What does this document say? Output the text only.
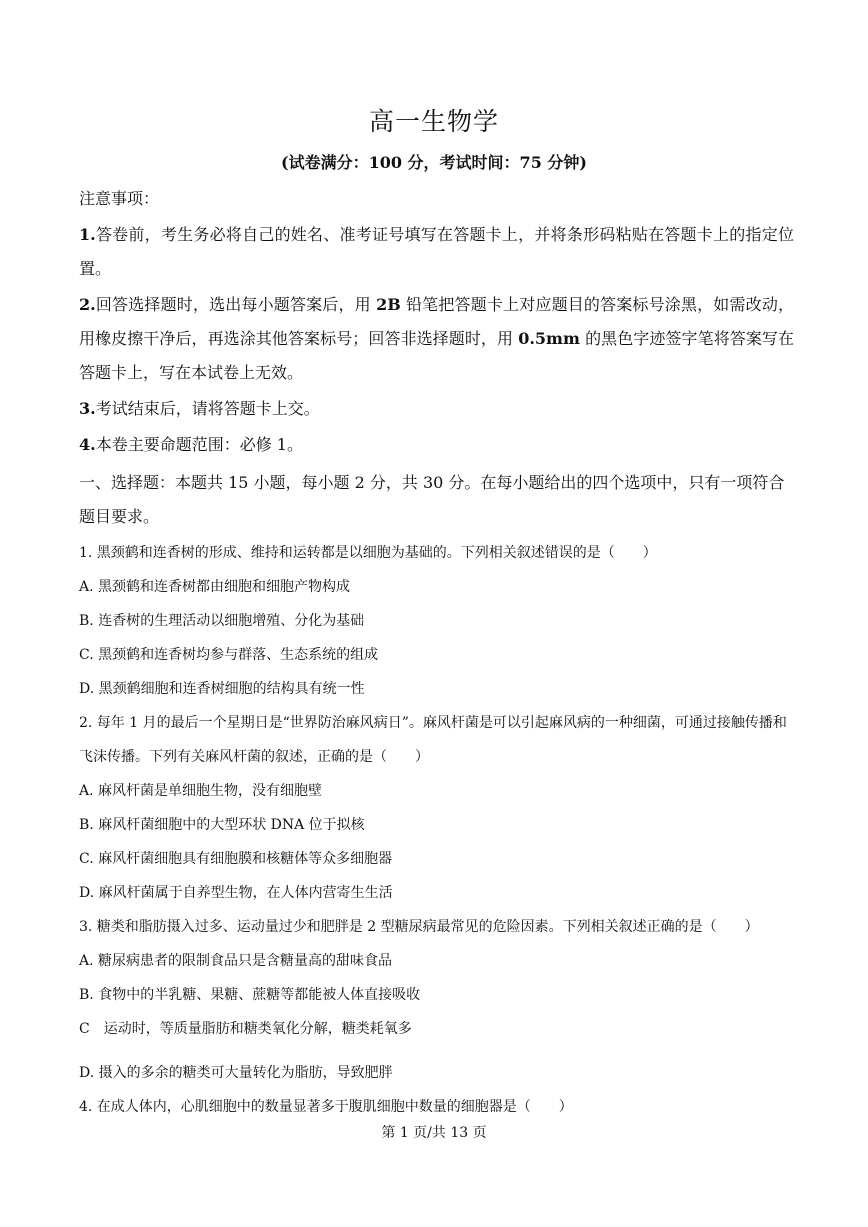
高一生物学
(试卷满分：100 分，考试时间：75 分钟)

注意事项：

1.答卷前，考生务必将自己的姓名、准考证号填写在答题卡上，并将条形码粘贴在答题卡上的指定位置。

2.回答选择题时，选出每小题答案后，用 2B 铅笔把答题卡上对应题目的答案标号涂黑，如需改动，用橡皮擦干净后，再选涂其他答案标号；回答非选择题时，用 0.5mm 的黑色字迹签字笔将答案写在答题卡上，写在本试卷上无效。

3.考试结束后，请将答题卡上交。

4.本卷主要命题范围：必修 1。

一、选择题：本题共 15 小题，每小题 2 分，共 30 分。在每小题给出的四个选项中，只有一项符合题目要求。

1. 黑颈鹤和连香树的形成、维持和运转都是以细胞为基础的。下列相关叙述错误的是（　　）

A. 黑颈鹤和连香树都由细胞和细胞产物构成

B. 连香树的生理活动以细胞增殖、分化为基础

C. 黑颈鹤和连香树均参与群落、生态系统的组成

D. 黑颈鹤细胞和连香树细胞的结构具有统一性

2. 每年 1 月的最后一个星期日是“世界防治麻风病日”。麻风杆菌是可以引起麻风病的一种细菌，可通过接触传播和飞沫传播。下列有关麻风杆菌的叙述，正确的是（　　）

A. 麻风杆菌是单细胞生物，没有细胞壁

B. 麻风杆菌细胞中的大型环状 DNA 位于拟核

C. 麻风杆菌细胞具有细胞膜和核糖体等众多细胞器

D. 麻风杆菌属于自养型生物，在人体内营寄生生活

3. 糖类和脂肪摄入过多、运动量过少和肥胖是 2 型糖尿病最常见的危险因素。下列相关叙述正确的是（　　）

A. 糖尿病患者的限制食品只是含糖量高的甜味食品

B. 食物中的半乳糖、果糖、蔗糖等都能被人体直接吸收

C　运动时，等质量脂肪和糖类氧化分解，糖类耗氧多

D. 摄入的多余的糖类可大量转化为脂肪，导致肥胖

4. 在成人体内，心肌细胞中的数量显著多于腹肌细胞中数量的细胞器是（　　）

第 1 页/共 13 页
